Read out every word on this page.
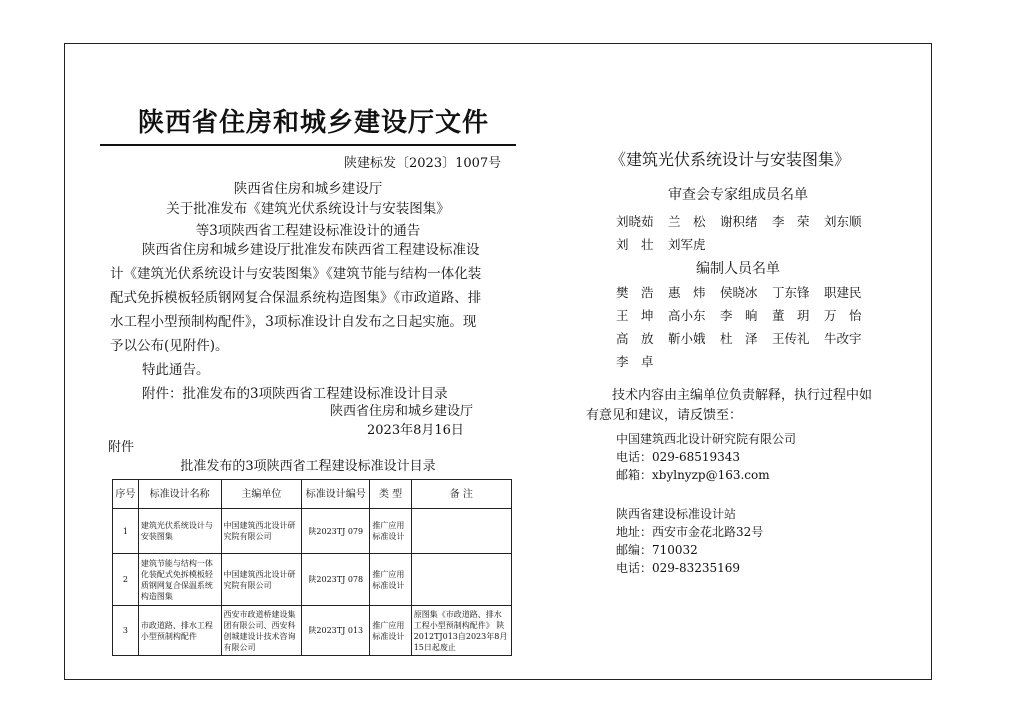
陕西省住房和城乡建设厅文件
陕建标发〔2023〕1007号
陕西省住房和城乡建设厅
关于批准发布《建筑光伏系统设计与安装图集》
等3项陕西省工程建设标准设计的通告
陕西省住房和城乡建设厅批准发布陕西省工程建设标准设
计《建筑光伏系统设计与安装图集》《建筑节能与结构一体化装
配式免拆模板轻质钢网复合保温系统构造图集》《市政道路、排
水工程小型预制构配件》，3项标准设计自发布之日起实施。现
予以公布(见附件)。
特此通告。
附件：批准发布的3项陕西省工程建设标准设计目录
陕西省住房和城乡建设厅
2023年8月16日
附件
批准发布的3项陕西省工程建设标准设计目录
序号	标准设计名称	主编单位	标准设计编号	类 型	备 注
1	建筑光伏系统设计与安装图集	中国建筑西北设计研究院有限公司	陕2023TJ 079	推广应用标准设计	
2	建筑节能与结构一体化装配式免拆模板轻质钢网复合保温系统构造图集	中国建筑西北设计研究院有限公司	陕2023TJ 078	推广应用标准设计	
3	市政道路、排水工程小型预制构配件	西安市政道桥建设集团有限公司、西安科创城建设计技术咨询有限公司	陕2023TJ 013	推广应用标准设计	原图集《市政道路、排水工程小型预制构配件》 陕 2012TJ013自2023年8月15日起废止
《建筑光伏系统设计与安装图集》
审查会专家组成员名单
刘晓茹 兰　松 谢积绪 李　荣 刘东顺
刘　壮 刘军虎
编制人员名单
樊　浩 惠　炜 侯晓冰 丁东锋 职建民
王　坤 高小东 李　晌 董　玥 万　怡
高　放 靳小娥 杜　泽 王传礼 牛改宇
李　卓
技术内容由主编单位负责解释，执行过程中如
有意见和建议，请反馈至：
中国建筑西北设计研究院有限公司
电话：029-68519343
邮箱：xbylnyzp@163.com
陕西省建设标准设计站
地址：西安市金花北路32号
邮编：710032
电话：029-83235169
